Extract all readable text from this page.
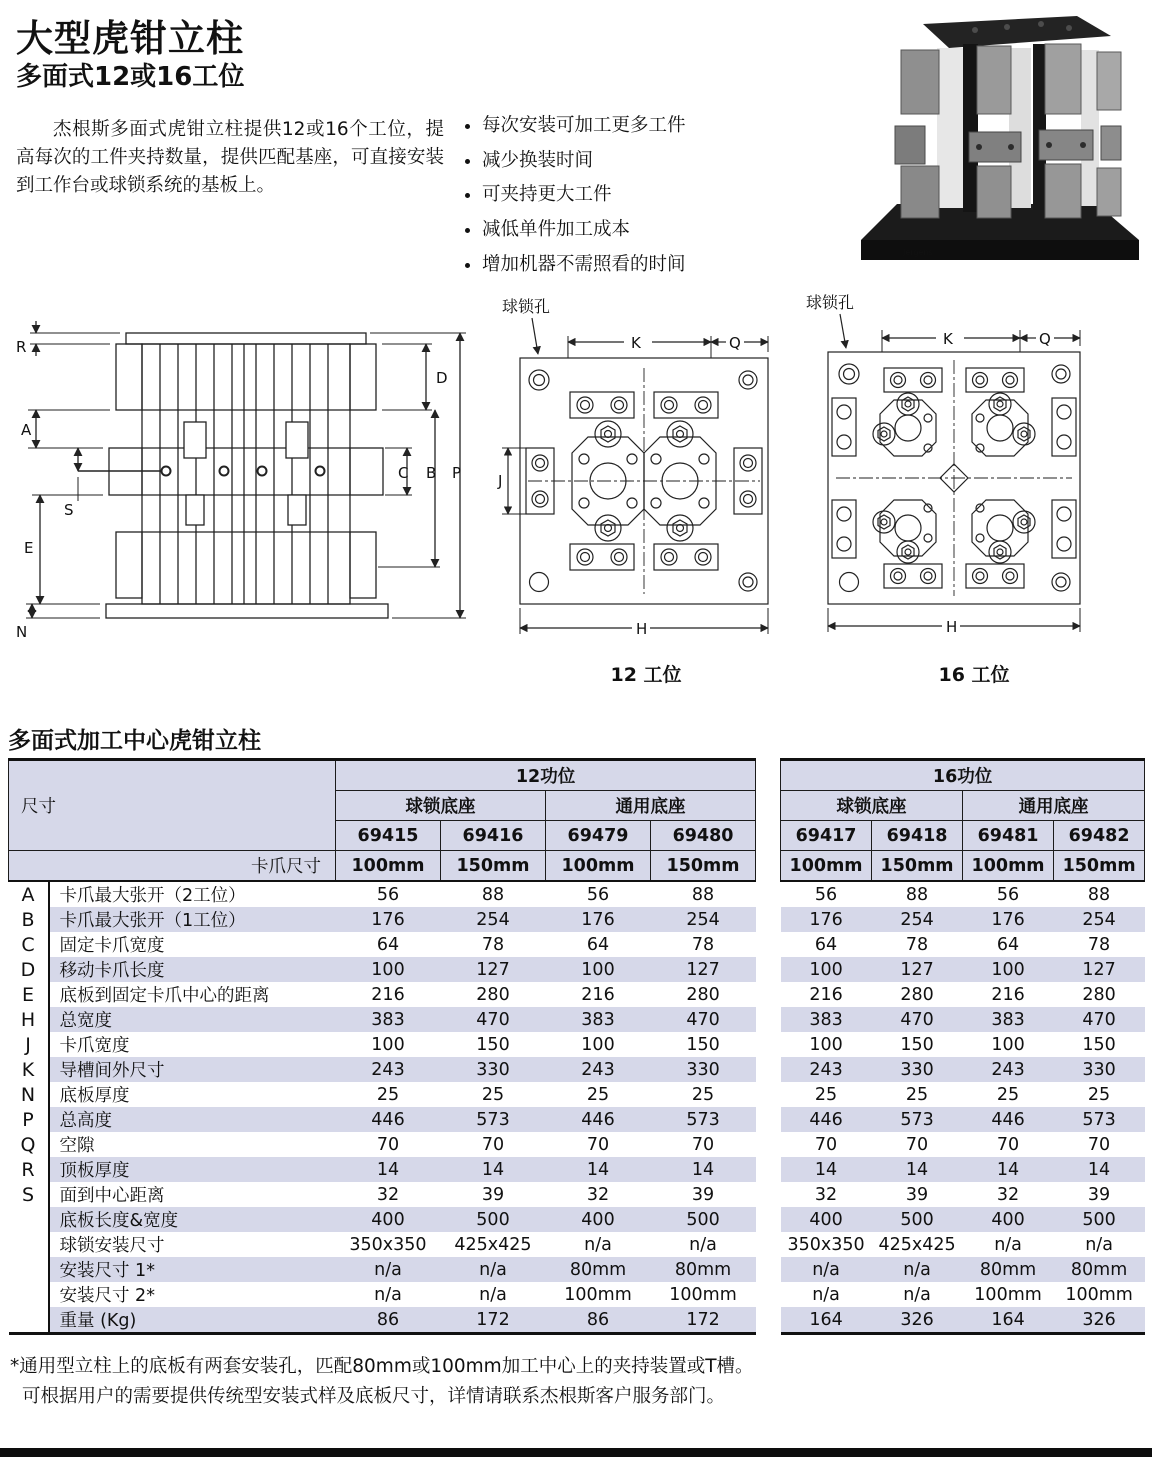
大型虎钳立柱
多面式12或16工位
杰根斯多面式虎钳立柱提供12或16个工位，提高每次的工件夹持数量，提供匹配基座，可直接安装到工作台或球锁系统的基板上。
• 每次安装可加工更多工件
• 减少换装时间
• 可夹持更大工件
• 减低单件加工成本
• 增加机器不需照看的时间
Jergens
R
A
S
E
N
D
C B P
球锁孔
K	Q
H
J
12 工位
球锁孔
K	Q
H
16 工位
多面式加工中心虎钳立柱
尺寸		12功位					16功位			
		球锁底座		通用底座			球锁底座		通用底座	
		69415	69416	69479	69480		69417	69418	69481	69482
卡爪尺寸		100mm	150mm	100mm	150mm		100mm	150mm	100mm	150mm
A	卡爪最大张开（2工位）	56	88	56	88		56	88	56	88
B	卡爪最大张开（1工位）	176	254	176	254		176	254	176	254
C	固定卡爪宽度	64	78	64	78		64	78	64	78
D	移动卡爪长度	100	127	100	127		100	127	100	127
E	底板到固定卡爪中心的距离	216	280	216	280		216	280	216	280
H	总宽度	383	470	383	470		383	470	383	470
J	卡爪宽度	100	150	100	150		100	150	100	150
K	导槽间外尺寸	243	330	243	330		243	330	243	330
N	底板厚度	25	25	25	25		25	25	25	25
P	总高度	446	573	446	573		446	573	446	573
Q	空隙	70	70	70	70		70	70	70	70
R	顶板厚度	14	14	14	14		14	14	14	14
S	面到中心距离	32	39	32	39		32	39	32	39
	底板长度&宽度	400	500	400	500		400	500	400	500
	球锁安装尺寸	350x350	425x425	n/a	n/a		350x350	425x425	n/a	n/a
	安装尺寸 1*	n/a	n/a	80mm	80mm		n/a	n/a	80mm	80mm
	安装尺寸 2*	n/a	n/a	100mm	100mm		n/a	n/a	100mm	100mm
	重量 (Kg)	86	172	86	172		164	326	164	326
*通用型立柱上的底板有两套安装孔，匹配80mm或100mm加工中心上的夹持装置或T槽。
可根据用户的需要提供传统型安装式样及底板尺寸，详情请联系杰根斯客户服务部门。
